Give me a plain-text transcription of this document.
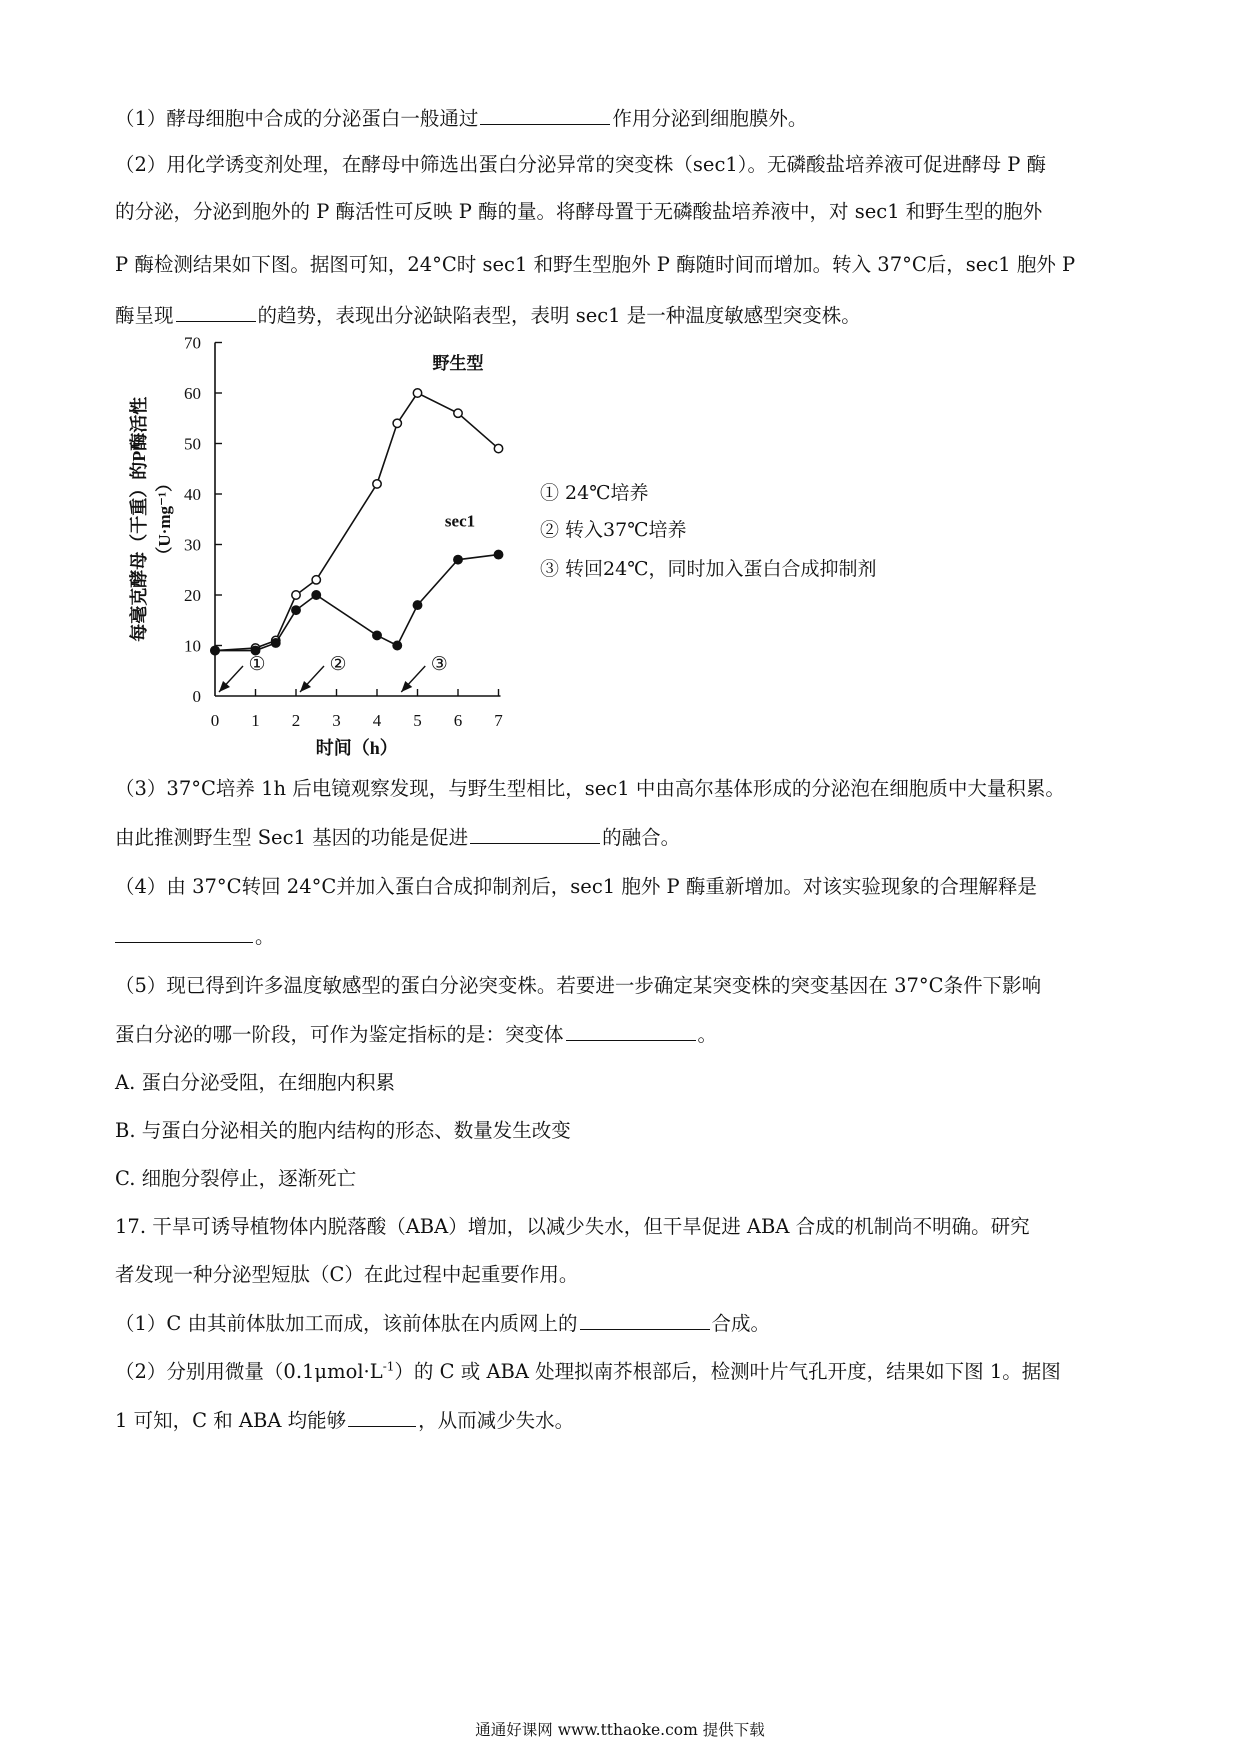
（1）酵母细胞中合成的分泌蛋白一般通过	作用分泌到细胞膜外。
（2）用化学诱变剂处理，在酵母中筛选出蛋白分泌异常的突变株（sec1）。无磷酸盐培养液可促进酵母 P 酶
的分泌，分泌到胞外的 P 酶活性可反映 P 酶的量。将酵母置于无磷酸盐培养液中，对 sec1 和野生型的胞外
P 酶检测结果如下图。据图可知，24°C时 sec1 和野生型胞外 P 酶随时间而增加。转入 37°C后，sec1 胞外 P
酶呈现	的趋势，表现出分泌缺陷表型，表明 sec1 是一种温度敏感型突变株。
0
10
20
30
40
50
60
70
0 1 2 3 4 5 6 7
时间（h）
每毫克酵母（干重）的P酶活性 （U·mg⁻¹）
野生型
sec1
①	②	③
① 24℃培养
② 转入37℃培养
③ 转回24℃，同时加入蛋白合成抑制剂
（3）37°C培养 1h 后电镜观察发现，与野生型相比，sec1 中由高尔基体形成的分泌泡在细胞质中大量积累。
由此推测野生型 Sec1 基因的功能是促进	的融合。
（4）由 37°C转回 24°C并加入蛋白合成抑制剂后，sec1 胞外 P 酶重新增加。对该实验现象的合理解释是
。
（5）现已得到许多温度敏感型的蛋白分泌突变株。若要进一步确定某突变株的突变基因在 37°C条件下影响
蛋白分泌的哪一阶段，可作为鉴定指标的是：突变体	。
A. 蛋白分泌受阻，在细胞内积累
B. 与蛋白分泌相关的胞内结构的形态、数量发生改变
C. 细胞分裂停止，逐渐死亡
17. 干旱可诱导植物体内脱落酸（ABA）增加，以减少失水，但干旱促进 ABA 合成的机制尚不明确。研究
者发现一种分泌型短肽（C）在此过程中起重要作用。
（1）C 由其前体肽加工而成，该前体肽在内质网上的	合成。
（2）分别用微量$(0.1\mu mol\cdot L^{-1})$的 C 或 ABA 处理拟南芥根部后，检测叶片气孔开度，结果如下图 1。据图
1 可知，C 和 ABA 均能够	，从而减少失水。
通通好课网 www.tthaoke.com 提供下载
